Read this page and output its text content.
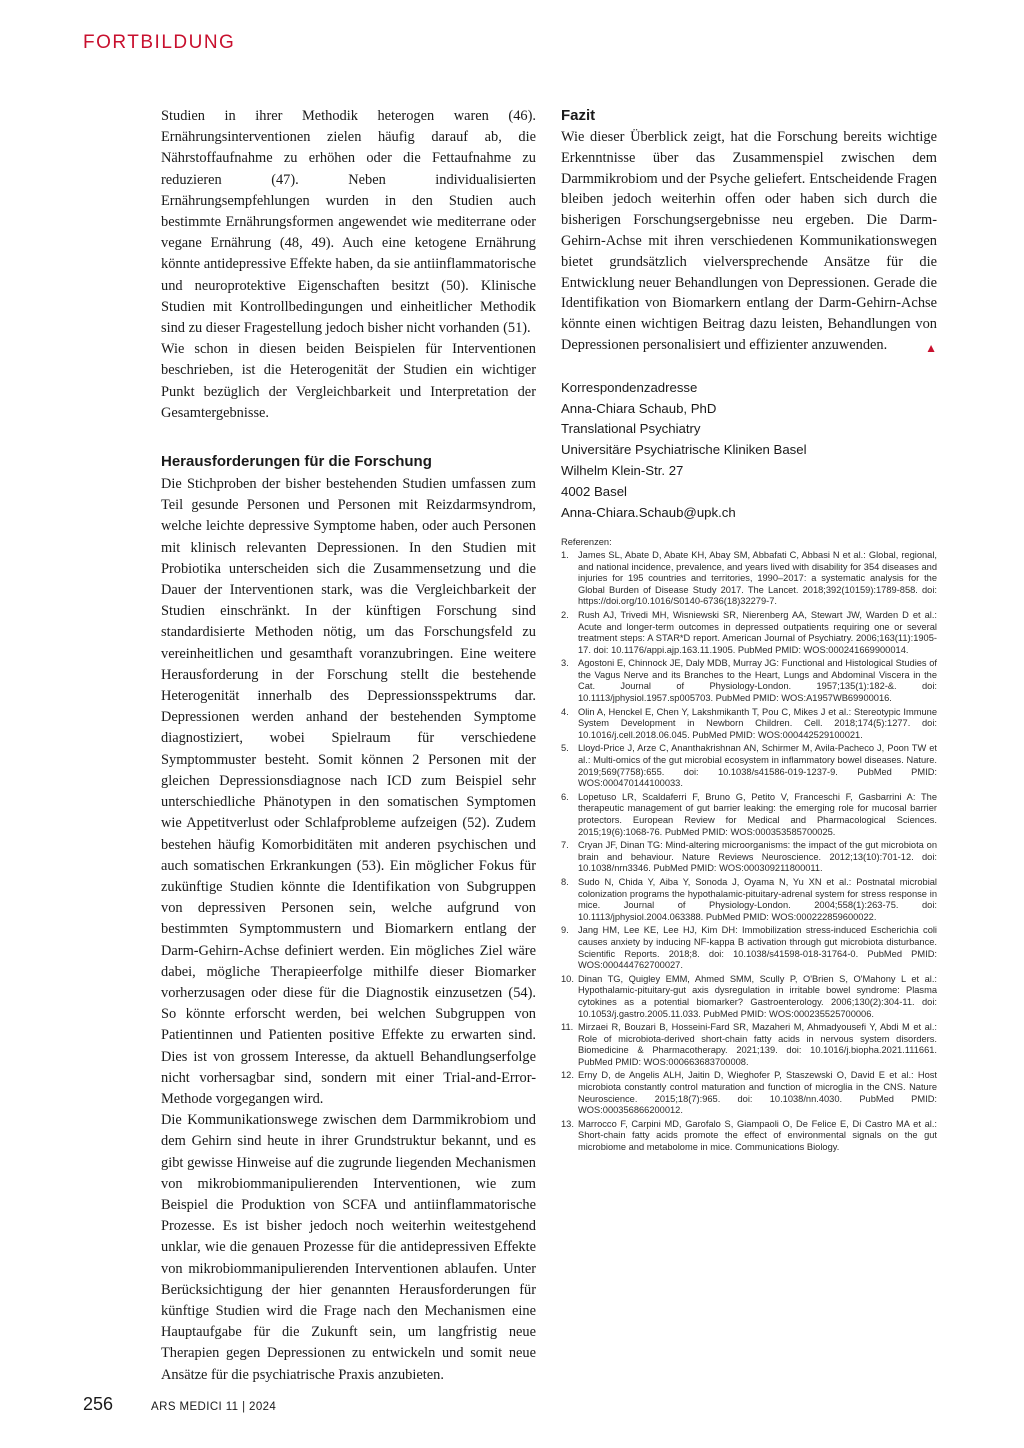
FORTBILDUNG

Studien in ihrer Methodik heterogen waren (46). Ernährungsinterventionen zielen häufig darauf ab, die Nährstoffaufnahme zu erhöhen oder die Fettaufnahme zu reduzieren (47). Neben individualisierten Ernährungsempfehlungen wurden in den Studien auch bestimmte Ernährungsformen angewendet wie mediterrane oder vegane Ernährung (48, 49). Auch eine ketogene Ernährung könnte antidepressive Effekte haben, da sie antiinflammatorische und neuroprotektive Eigenschaften besitzt (50). Klinische Studien mit Kontrollbedingungen und einheitlicher Methodik sind zu dieser Fragestellung jedoch bisher nicht vorhanden (51).

Wie schon in diesen beiden Beispielen für Interventionen beschrieben, ist die Heterogenität der Studien ein wichtiger Punkt bezüglich der Vergleichbarkeit und Interpretation der Gesamtergebnisse.

Herausforderungen für die Forschung

Die Stichproben der bisher bestehenden Studien umfassen zum Teil gesunde Personen und Personen mit Reizdarmsyndrom, welche leichte depressive Symptome haben, oder auch Personen mit klinisch relevanten Depressionen. In den Studien mit Probiotika unterscheiden sich die Zusammensetzung und die Dauer der Interventionen stark, was die Vergleichbarkeit der Studien einschränkt. In der künftigen Forschung sind standardisierte Methoden nötig, um das Forschungsfeld zu vereinheitlichen und gesamthaft voranzubringen. Eine weitere Herausforderung in der Forschung stellt die bestehende Heterogenität innerhalb des Depressionsspektrums dar. Depressionen werden anhand der bestehenden Symptome diagnostiziert, wobei Spielraum für verschiedene Symptommuster besteht. Somit können 2 Personen mit der gleichen Depressionsdiagnose nach ICD zum Beispiel sehr unterschiedliche Phänotypen in den somatischen Symptomen wie Appetitverlust oder Schlafprobleme aufzeigen (52). Zudem bestehen häufig Komorbiditäten mit anderen psychischen und auch somatischen Erkrankungen (53). Ein möglicher Fokus für zukünftige Studien könnte die Identifikation von Subgruppen von depressiven Personen sein, welche aufgrund von bestimmten Symptommustern und Biomarkern entlang der Darm-Gehirn-Achse definiert werden. Ein mögliches Ziel wäre dabei, mögliche Therapieerfolge mithilfe dieser Biomarker vorherzusagen oder diese für die Diagnostik einzusetzen (54). So könnte erforscht werden, bei welchen Subgruppen von Patientinnen und Patienten positive Effekte zu erwarten sind. Dies ist von grossem Interesse, da aktuell Behandlungserfolge nicht vorhersagbar sind, sondern mit einer Trial-and-Error-Methode vorgegangen wird.

Die Kommunikationswege zwischen dem Darmmikrobiom und dem Gehirn sind heute in ihrer Grundstruktur bekannt, und es gibt gewisse Hinweise auf die zugrunde liegenden Mechanismen von mikrobiommanipulierenden Interventionen, wie zum Beispiel die Produktion von SCFA und antiinflammatorische Prozesse. Es ist bisher jedoch noch weiterhin weitestgehend unklar, wie die genauen Prozesse für die antidepressiven Effekte von mikrobiommanipulierenden Interventionen ablaufen. Unter Berücksichtigung der hier genannten Herausforderungen für künftige Studien wird die Frage nach den Mechanismen eine Hauptaufgabe für die Zukunft sein, um langfristig neue Therapien gegen Depressionen zu entwickeln und somit neue Ansätze für die psychiatrische Praxis anzubieten.

Fazit

Wie dieser Überblick zeigt, hat die Forschung bereits wichtige Erkenntnisse über das Zusammenspiel zwischen dem Darmmikrobiom und der Psyche geliefert. Entscheidende Fragen bleiben jedoch weiterhin offen oder haben sich durch die bisherigen Forschungsergebnisse neu ergeben. Die Darm-Gehirn-Achse mit ihren verschiedenen Kommunikationswegen bietet grundsätzlich vielversprechende Ansätze für die Entwicklung neuer Behandlungen von Depressionen. Gerade die Identifikation von Biomarkern entlang der Darm-Gehirn-Achse könnte einen wichtigen Beitrag dazu leisten, Behandlungen von Depressionen personalisiert und effizienter anzuwenden.	▲

Korrespondenzadresse
Anna-Chiara Schaub, PhD
Translational Psychiatry
Universitäre Psychiatrische Kliniken Basel
Wilhelm Klein-Str. 27
4002 Basel
Anna-Chiara.Schaub@upk.ch
Referenzen:
1. James SL, Abate D, Abate KH, Abay SM, Abbafati C, Abbasi N et al.: Global, regional, and national incidence, prevalence, and years lived with disability for 354 diseases and injuries for 195 countries and territories, 1990–2017: a systematic analysis for the Global Burden of Disease Study 2017. The Lancet. 2018;392(10159):1789-858. doi: https://doi.org/10.1016/S0140-6736(18)32279-7.
2. Rush AJ, Trivedi MH, Wisniewski SR, Nierenberg AA, Stewart JW, Warden D et al.: Acute and longer-term outcomes in depressed outpatients requiring one or several treatment steps: A STAR*D report. American Journal of Psychiatry. 2006;163(11):1905-17. doi: 10.1176/appi.ajp.163.11.1905. PubMed PMID: WOS:000241669900014.
3. Agostoni E, Chinnock JE, Daly MDB, Murray JG: Functional and Histological Studies of the Vagus Nerve and its Branches to the Heart, Lungs and Abdominal Viscera in the Cat. Journal of Physiology-London. 1957;135(1):182-&. doi: 10.1113/jphysiol.1957.sp005703. PubMed PMID: WOS:A1957WB69900016.
4. Olin A, Henckel E, Chen Y, Lakshmikanth T, Pou C, Mikes J et al.: Stereotypic Immune System Development in Newborn Children. Cell. 2018;174(5):1277. doi: 10.1016/j.cell.2018.06.045. PubMed PMID: WOS:000442529100021.
5. Lloyd-Price J, Arze C, Ananthakrishnan AN, Schirmer M, Avila-Pacheco J, Poon TW et al.: Multi-omics of the gut microbial ecosystem in inflammatory bowel diseases. Nature. 2019;569(7758):655. doi: 10.1038/s41586-019-1237-9. PubMed PMID: WOS:000470144100033.
6. Lopetuso LR, Scaldaferri F, Bruno G, Petito V, Franceschi F, Gasbarrini A: The therapeutic management of gut barrier leaking: the emerging role for mucosal barrier protectors. European Review for Medical and Pharmacological Sciences. 2015;19(6):1068-76. PubMed PMID: WOS:000353585700025.
7. Cryan JF, Dinan TG: Mind-altering microorganisms: the impact of the gut microbiota on brain and behaviour. Nature Reviews Neuroscience. 2012;13(10):701-12. doi: 10.1038/nrn3346. PubMed PMID: WOS:000309211800011.
8. Sudo N, Chida Y, Aiba Y, Sonoda J, Oyama N, Yu XN et al.: Postnatal microbial colonization programs the hypothalamic-pituitary-adrenal system for stress response in mice. Journal of Physiology-London. 2004;558(1):263-75. doi: 10.1113/jphysiol.2004.063388. PubMed PMID: WOS:000222859600022.
9. Jang HM, Lee KE, Lee HJ, Kim DH: Immobilization stress-induced Escherichia coli causes anxiety by inducing NF-kappa B activation through gut microbiota disturbance. Scientific Reports. 2018;8. doi: 10.1038/s41598-018-31764-0. PubMed PMID: WOS:000444762700027.
10. Dinan TG, Quigley EMM, Ahmed SMM, Scully P, O'Brien S, O'Mahony L et al.: Hypothalamic-pituitary-gut axis dysregulation in irritable bowel syndrome: Plasma cytokines as a potential biomarker? Gastroenterology. 2006;130(2):304-11. doi: 10.1053/j.gastro.2005.11.033. PubMed PMID: WOS:000235525700006.
11. Mirzaei R, Bouzari B, Hosseini-Fard SR, Mazaheri M, Ahmadyousefi Y, Abdi M et al.: Role of microbiota-derived short-chain fatty acids in nervous system disorders. Biomedicine & Pharmacotherapy. 2021;139. doi: 10.1016/j.biopha.2021.111661. PubMed PMID: WOS:000663683700008.
12. Erny D, de Angelis ALH, Jaitin D, Wieghofer P, Staszewski O, David E et al.: Host microbiota constantly control maturation and function of microglia in the CNS. Nature Neuroscience. 2015;18(7):965. doi: 10.1038/nn.4030. PubMed PMID: WOS:000356866200012.
13. Marrocco F, Carpini MD, Garofalo S, Giampaoli O, De Felice E, Di Castro MA et al.: Short-chain fatty acids promote the effect of environmental signals on the gut microbiome and metabolome in mice. Communications Biology.
256	ARS MEDICI 11 | 2024
